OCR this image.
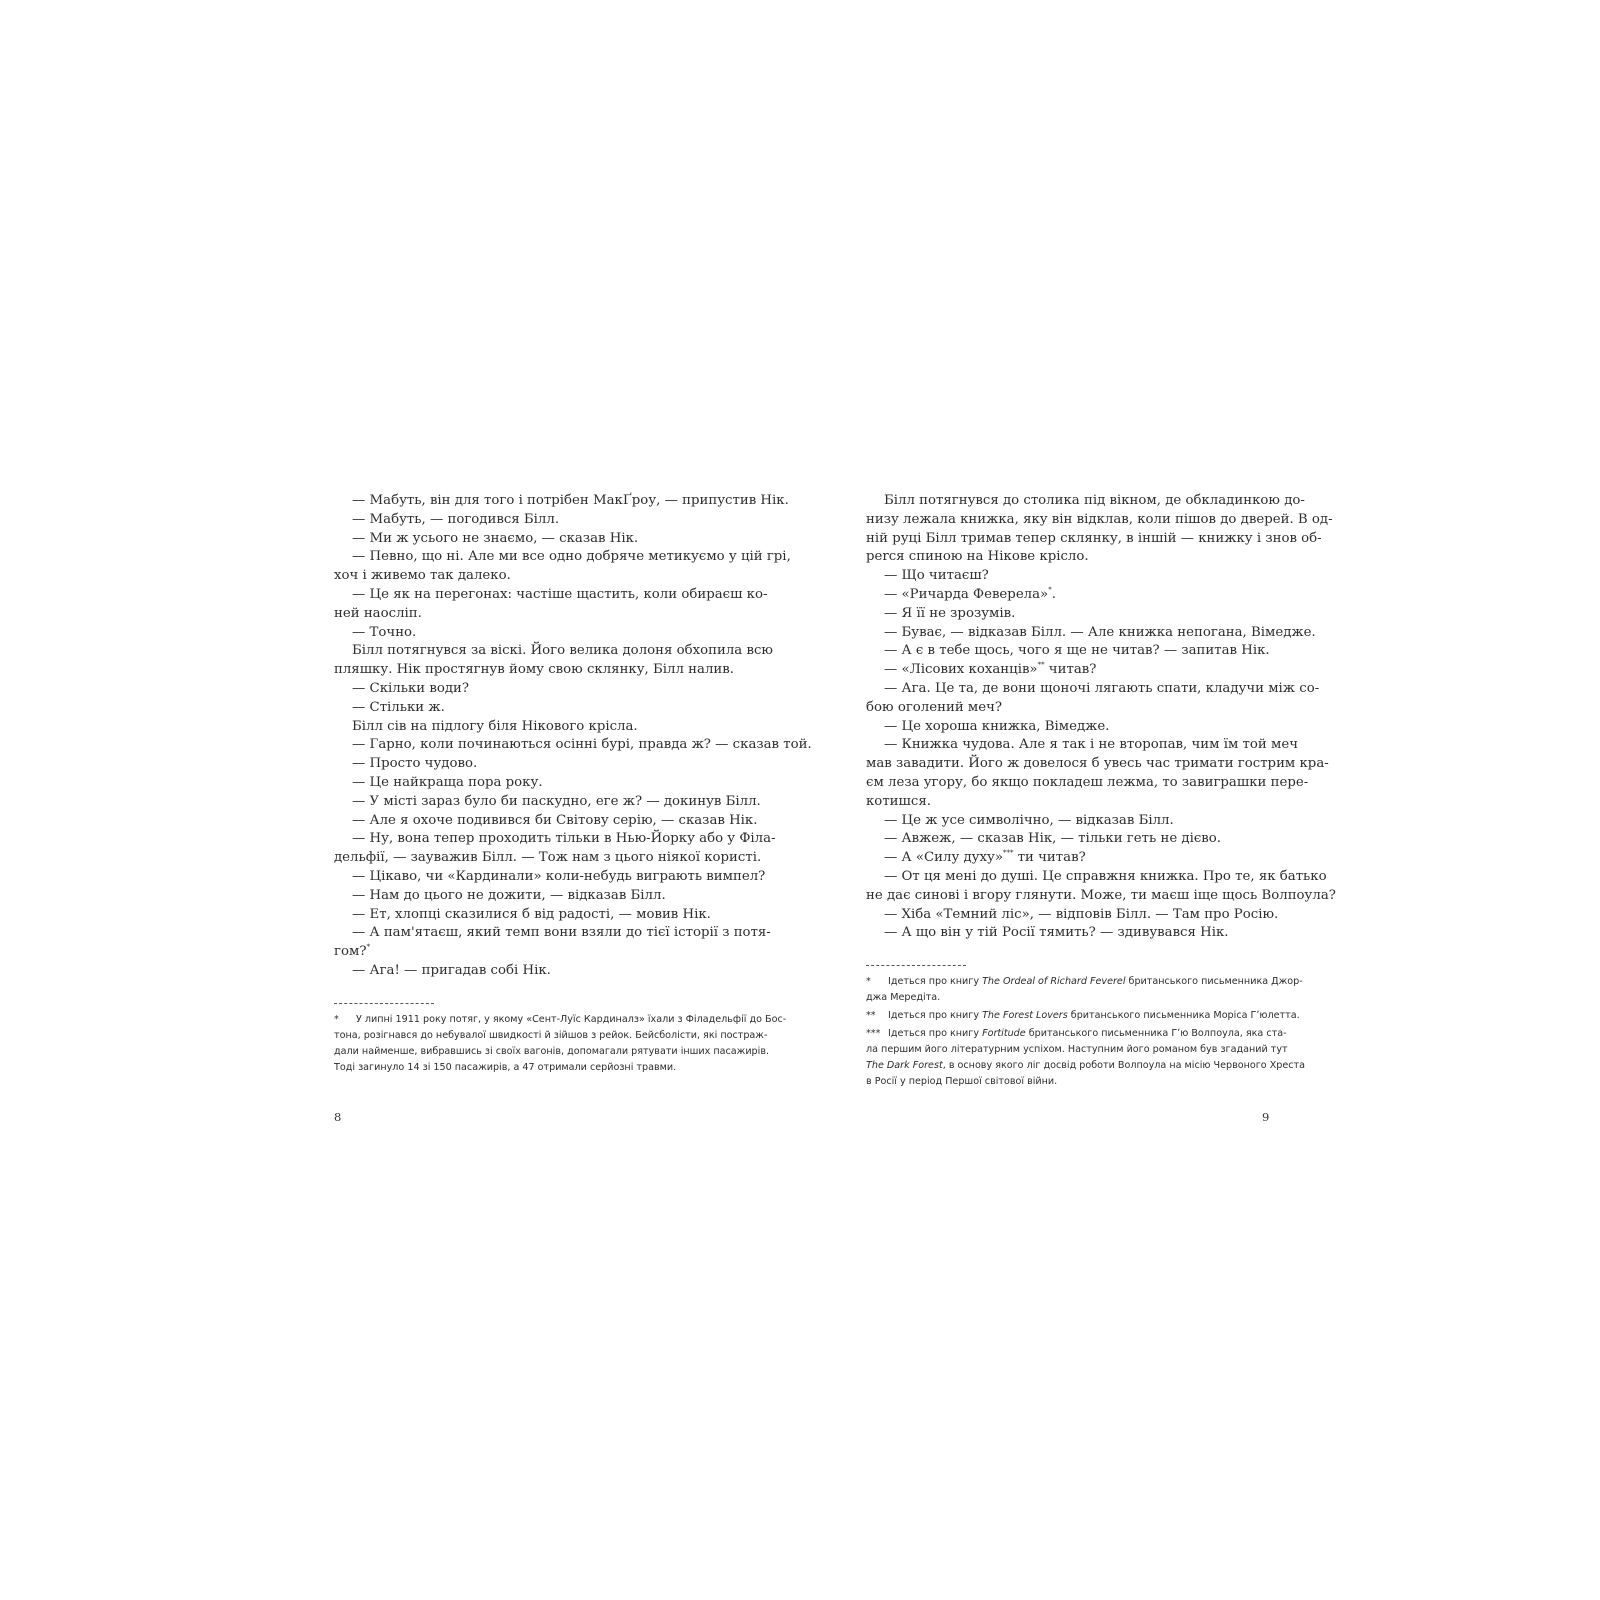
— Мабуть, він для того і потрібен МакҐроу, — припустив Нік.
— Мабуть, — погодився Білл.
— Ми ж усього не знаємо, — сказав Нік.
— Певно, що ні. Але ми все одно добряче метикуємо у цій грі,
хоч і живемо так далеко.
— Це як на перегонах: частіше щастить, коли обираєш ко-
ней наосліп.
— Точно.
Білл потягнувся за віскі. Його велика долоня обхопила всю
пляшку. Нік простягнув йому свою склянку, Білл налив.
— Скільки води?
— Стільки ж.
Білл сів на підлогу біля Нікового крісла.
— Гарно, коли починаються осінні бурі, правда ж? — сказав той.
— Просто чудово.
— Це найкраща пора року.
— У місті зараз було би паскудно, еге ж? — докинув Білл.
— Але я охоче подивився би Світову серію, — сказав Нік.
— Ну, вона тепер проходить тільки в Нью-Йорку або у Філа-
дельфії, — зауважив Білл. — Тож нам з цього ніякої користі.
— Цікаво, чи «Кардинали» коли-небудь виграють вимпел?
— Нам до цього не дожити, — відказав Білл.
— Ет, хлопці сказилися б від радості, — мовив Нік.
— А пам'ятаєш, який темп вони взяли до тієї історії з потя-
гом?*
— Ага! — пригадав собі Нік.
* У липні 1911 року потяг, у якому «Сент-Луїс Кардиналз» їхали з Філадельфії до Бос-
тона, розігнався до небувалої швидкості й зійшов з рейок. Бейсболісти, які постраж-
дали найменше, вибравшись зі своїх вагонів, допомагали рятувати інших пасажирів.
Тоді загинуло 14 зі 150 пасажирів, а 47 отримали серйозні травми.
Білл потягнувся до столика під вікном, де обкладинкою до-
низу лежала книжка, яку він відклав, коли пішов до дверей. В од-
ній руці Білл тримав тепер склянку, в іншій — книжку і знов об-
perся спиною на Ніковe крісло.
— Що читаєш?
— «Ричарда Феверела»*.
— Я її не зрозумів.
— Буває, — відказав Білл. — Але книжка непогана, Вімедже.
— А є в тебе щось, чого я ще не читав? — запитав Нік.
— «Лісових коханців»** читав?
— Ага. Це та, де вони щоночі лягають спати, кладучи між со-
бою оголений меч?
— Це хороша книжка, Вімедже.
— Книжка чудова. Але я так і не второпав, чим їм той меч
мав завадити. Його ж довелося б увесь час тримати гострим кра-
єм леза угору, бо якщо покладеш лежма, то завиграшки пере-
котишся.
— Це ж усе символічно, — відказав Білл.
— Авжеж, — сказав Нік, — тільки геть не дієво.
— А «Силу духу»*** ти читав?
— От ця мені до душі. Це справжня книжка. Про те, як батько
не дає синові і вгору глянути. Може, ти маєш іще щось Волпоула?
— Хіба «Темний ліс», — відповів Білл. — Там про Росію.
— А що він у тій Росії тямить? — здивувався Нік.
* Ідеться про книгу The Ordeal of Richard Feverel британського письменника Джор-
джа Мередіта.
** Ідеться про книгу The Forest Lovers британського письменника Моріса Гʼюлетта.
*** Ідеться про книгу Fortitude британського письменника Гʼю Волпоула, яка ста-
ла першим його літературним успіхом. Наступним його романом був згаданий тут
The Dark Forest, в основу якого ліг досвід роботи Волпоула на місію Червоного Хреста
в Росії у період Першої світової війни.
8	9
